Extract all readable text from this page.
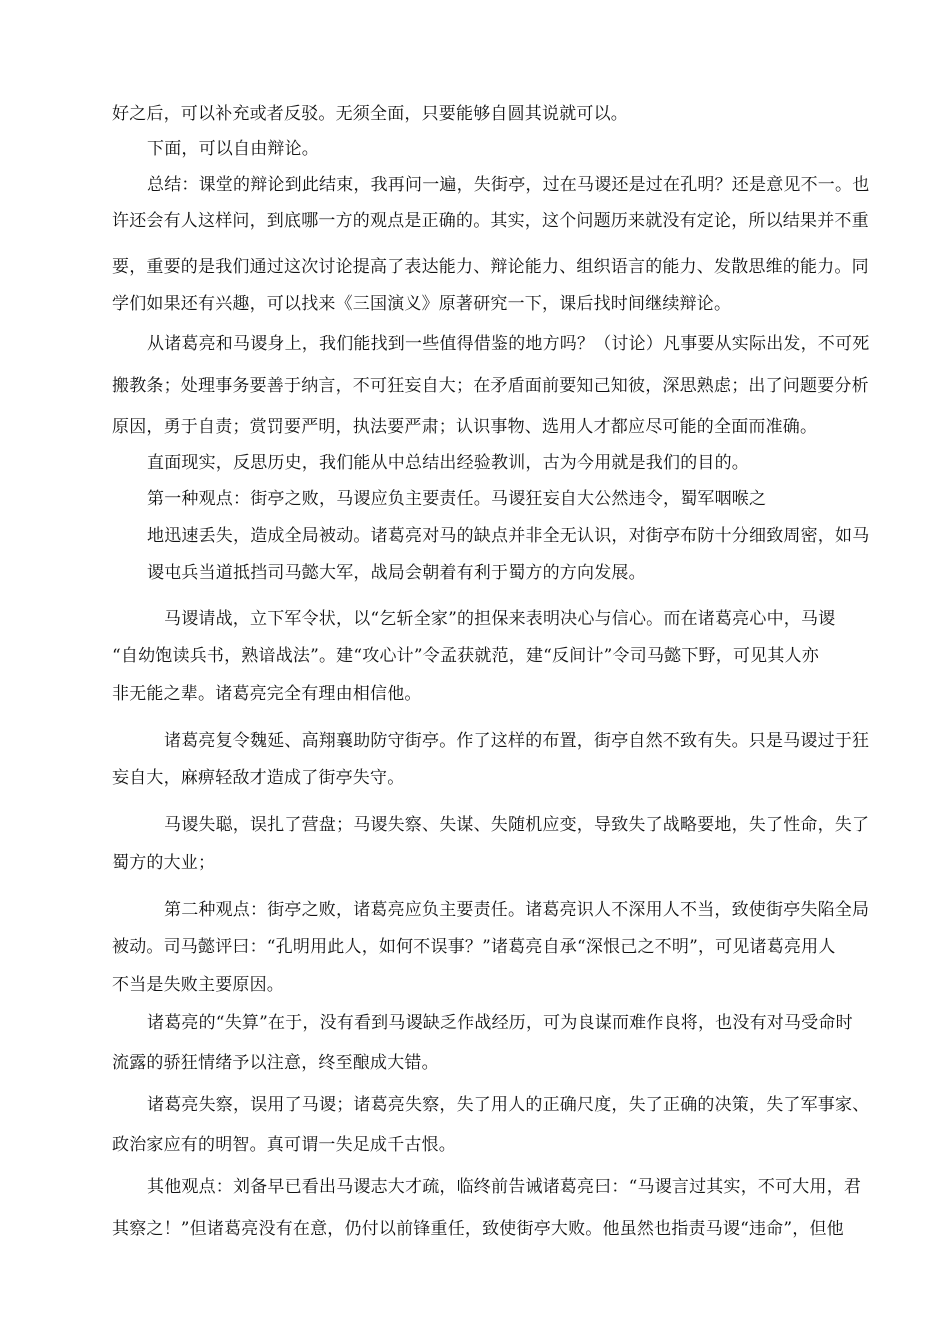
好之后，可以补充或者反驳。无须全面，只要能够自圆其说就可以。
下面，可以自由辩论。
总结：课堂的辩论到此结束，我再问一遍，失街亭，过在马谡还是过在孔明？还是意见不一。也
许还会有人这样问，到底哪一方的观点是正确的。其实，这个问题历来就没有定论，所以结果并不重
要，重要的是我们通过这次讨论提高了表达能力、辩论能力、组织语言的能力、发散思维的能力。同
学们如果还有兴趣，可以找来《三国演义》原著研究一下，课后找时间继续辩论。
从诸葛亮和马谡身上，我们能找到一些值得借鉴的地方吗？（讨论）凡事要从实际出发，不可死
搬教条；处理事务要善于纳言，不可狂妄自大；在矛盾面前要知己知彼，深思熟虑；出了问题要分析
原因，勇于自责；赏罚要严明，执法要严肃；认识事物、选用人才都应尽可能的全面而准确。
直面现实，反思历史，我们能从中总结出经验教训，古为今用就是我们的目的。
第一种观点：街亭之败，马谡应负主要责任。马谡狂妄自大公然违令，蜀军咽喉之
地迅速丢失，造成全局被动。诸葛亮对马的缺点并非全无认识，对街亭布防十分细致周密，如马
谡屯兵当道抵挡司马懿大军，战局会朝着有利于蜀方的方向发展。
马谡请战，立下军令状，以“乞斩全家”的担保来表明决心与信心。而在诸葛亮心中，马谡
“自幼饱读兵书，熟谙战法”。建“攻心计”令孟获就范，建“反间计”令司马懿下野，可见其人亦
非无能之辈。诸葛亮完全有理由相信他。
诸葛亮复令魏延、高翔襄助防守街亭。作了这样的布置，街亭自然不致有失。只是马谡过于狂
妄自大，麻痹轻敌才造成了街亭失守。
马谡失聪，误扎了营盘；马谡失察、失谋、失随机应变，导致失了战略要地，失了性命，失了
蜀方的大业；
第二种观点：街亭之败，诸葛亮应负主要责任。诸葛亮识人不深用人不当，致使街亭失陷全局
被动。司马懿评曰：“孔明用此人，如何不误事？”诸葛亮自承“深恨己之不明”，可见诸葛亮用人
不当是失败主要原因。
诸葛亮的“失算”在于，没有看到马谡缺乏作战经历，可为良谋而难作良将，也没有对马受命时
流露的骄狂情绪予以注意，终至酿成大错。
诸葛亮失察，误用了马谡；诸葛亮失察，失了用人的正确尺度，失了正确的决策，失了军事家、
政治家应有的明智。真可谓一失足成千古恨。
其他观点：刘备早已看出马谡志大才疏，临终前告诫诸葛亮曰：“马谡言过其实，不可大用，君
其察之！”但诸葛亮没有在意，仍付以前锋重任，致使街亭大败。他虽然也指责马谡“违命”，但他
